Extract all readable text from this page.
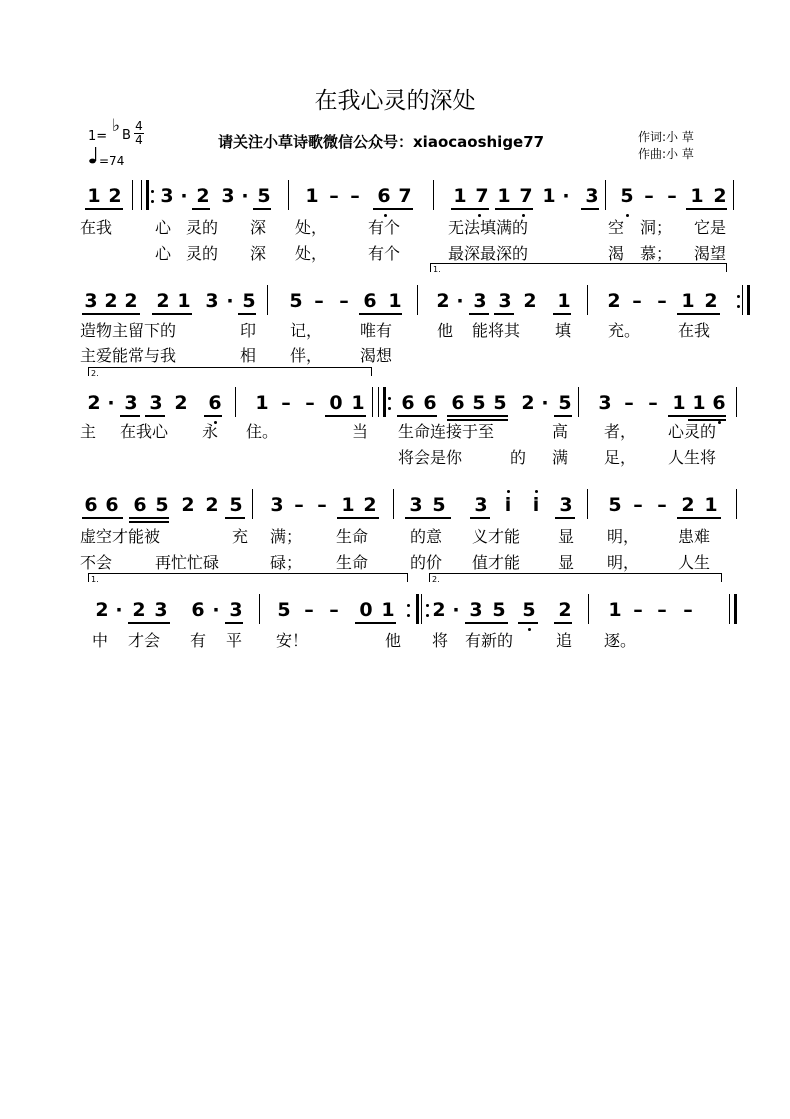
在我心灵的深处
1=
♭ B
4
4
=74
请关注小草诗歌微信公众号：xiaocaoshige77	作词:小 草
作曲:小 草
1 2 3 · 2 3 · 5 1 – – 6 7 1 7 1 7 1 · 3 5 – – 1 2
在我	心 灵的 深 处，	有个	无法填满的	空 洞； 它是
心 灵的 深 处，	有个	最深最深的	渴 慕； 渴望
3 2 2 2 1 3 · 5 5 – – 6 1 2 · 3 3 2 1 2 – – 1 2
1.
造物主留下的	印 记， 唯有	他 能将其 填 充。 在我
主爱能常与我	相 伴， 渴想
2 · 3 3 2 6 1 – – 0 1 6 6 6 5 5 2 · 5 3 – – 1 1 6
2.
主 在我心 永 住。	当 生命连接于至	高 者， 心灵的
将会是你	的 满 足， 人生将
6 6 6 5 2 2 5 3 – – 1 2 3 5 3 i i 3 5 – – 2 1
虚空才能被	充 满； 生命	的意 义才能 显 明， 患难
不会	再忙忙碌	碌； 生命	的价 值才能 显 明， 人生
2 · 2 3 6 · 3 5 – – 0 1 2 · 3 5 5 2 1 – – –
1.	2.
中 才会 有 平 安！	他 将 有新的	追 逐。
